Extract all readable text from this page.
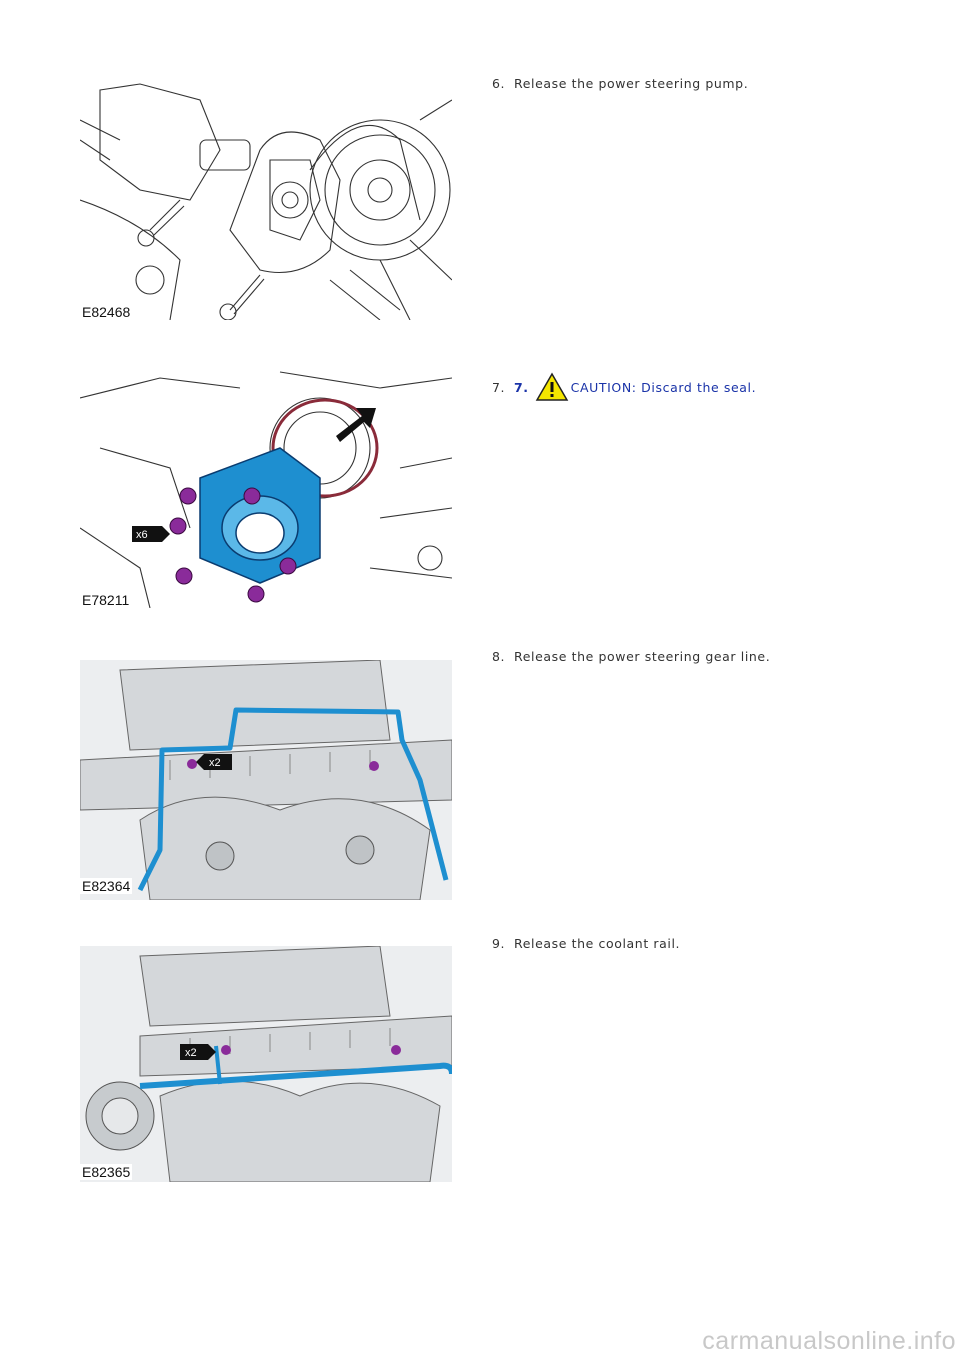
E82468
6. Release the power steering pump.
x6
E78211
7. 7.	CAUTION: Discard the seal.
x2
E82364
8. Release the power steering gear line.
x2
E82365
9. Release the coolant rail.
carmanualsonline.info
